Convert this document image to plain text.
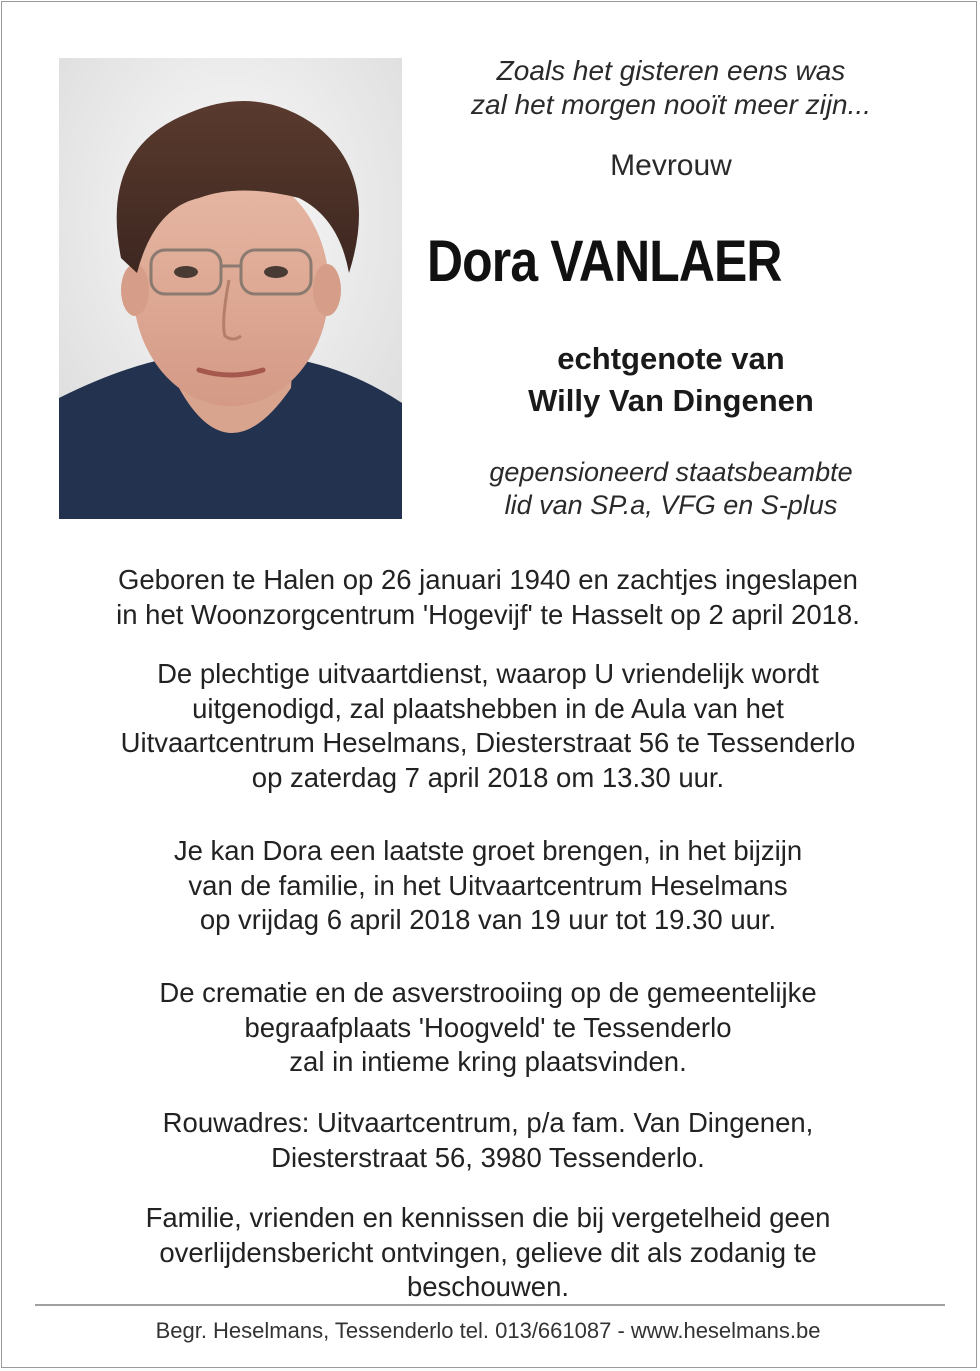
Zoals het gisteren eens was
zal het morgen nooït meer zijn...
Mevrouw
Dora VANLAER
echtgenote van
Willy Van Dingenen
gepensioneerd staatsbeambte
lid van SP.a, VFG en S-plus
Geboren te Halen op 26 januari 1940 en zachtjes ingeslapen
in het Woonzorgcentrum 'Hogevijf' te Hasselt op 2 april 2018.
De plechtige uitvaartdienst, waarop U vriendelijk wordt
uitgenodigd, zal plaatshebben in de Aula van het
Uitvaartcentrum Heselmans, Diesterstraat 56 te Tessenderlo
op zaterdag 7 april 2018 om 13.30 uur.
Je kan Dora een laatste groet brengen, in het bijzijn
van de familie, in het Uitvaartcentrum Heselmans
op vrijdag 6 april 2018 van 19 uur tot 19.30 uur.
De crematie en de asverstrooiing op de gemeentelijke
begraafplaats 'Hoogveld' te Tessenderlo
zal in intieme kring plaatsvinden.
Rouwadres: Uitvaartcentrum, p/a fam. Van Dingenen,
Diesterstraat 56, 3980 Tessenderlo.
Familie, vrienden en kennissen die bij vergetelheid geen
overlijdensbericht ontvingen, gelieve dit als zodanig te
beschouwen.
Begr. Heselmans, Tessenderlo tel. 013/661087 - www.heselmans.be
